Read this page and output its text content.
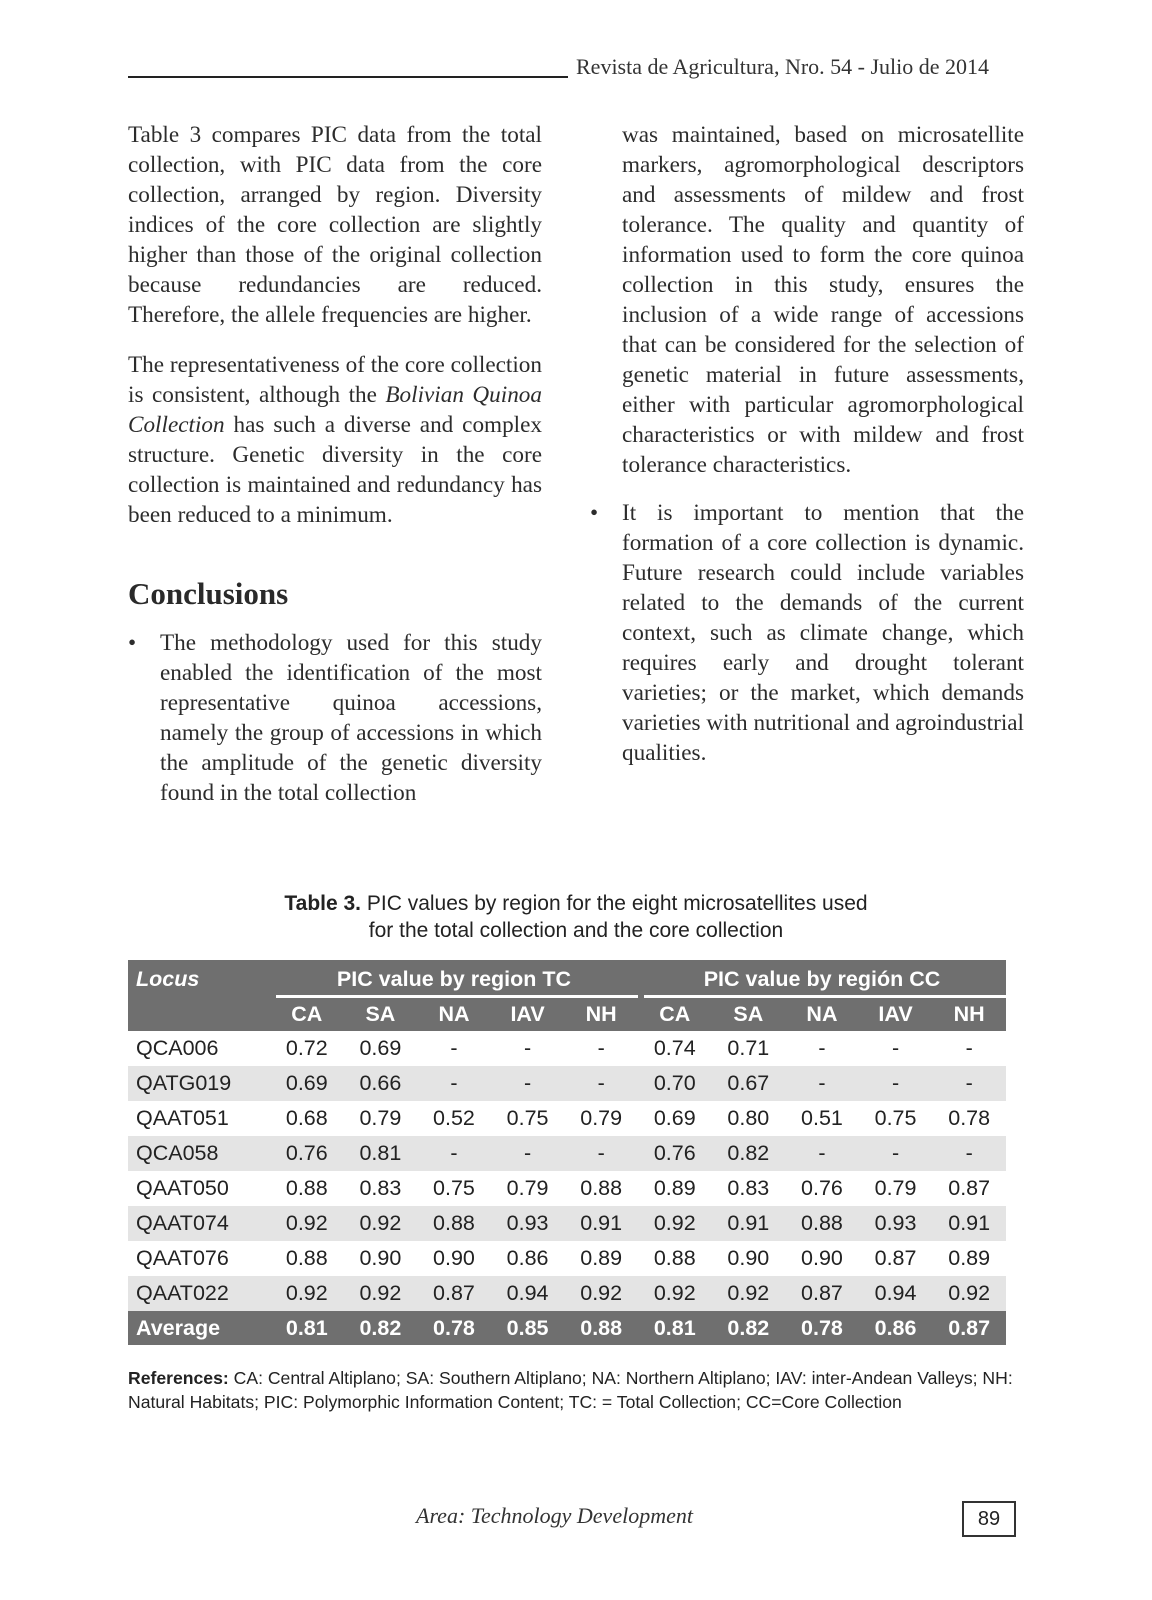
Revista de Agricultura, Nro. 54 - Julio de 2014

Table 3 compares PIC data from the total collection, with PIC data from the core collection, arranged by region. Diversity indices of the core collection are slightly higher than those of the original collection because redundancies are reduced. Therefore, the allele frequencies are higher.

The representativeness of the core collection is consistent, although the Bolivian Quinoa Collection has such a diverse and complex structure. Genetic diversity in the core collection is maintained and redundancy has been reduced to a minimum.

Conclusions
• The methodology used for this study enabled the identification of the most representative quinoa accessions, namely the group of accessions in which the amplitude of the genetic diversity found in the total collection
was maintained, based on microsatellite markers, agromorphological descriptors and assessments of mildew and frost tolerance. The quality and quantity of information used to form the core quinoa collection in this study, ensures the inclusion of a wide range of accessions that can be considered for the selection of genetic material in future assessments, either with particular agromorphological characteristics or with mildew and frost tolerance characteristics.
• It is important to mention that the formation of a core collection is dynamic. Future research could include variables related to the demands of the current context, such as climate change, which requires early and drought tolerant varieties; or the market, which demands varieties with nutritional and agroindustrial qualities.
Table 3. PIC values by region for the eight microsatellites used
for the total collection and the core collection
Locus	PIC value by region TC					PIC value by región CC				

	CA	SA	NA	IAV	NH	CA	SA	NA	IAV	NH
QCA006	0.72	0.69	-	-	-	0.74	0.71	-	-	-
QATG019	0.69	0.66	-	-	-	0.70	0.67	-	-	-
QAAT051	0.68	0.79	0.52	0.75	0.79	0.69	0.80	0.51	0.75	0.78
QCA058	0.76	0.81	-	-	-	0.76	0.82	-	-	-
QAAT050	0.88	0.83	0.75	0.79	0.88	0.89	0.83	0.76	0.79	0.87
QAAT074	0.92	0.92	0.88	0.93	0.91	0.92	0.91	0.88	0.93	0.91
QAAT076	0.88	0.90	0.90	0.86	0.89	0.88	0.90	0.90	0.87	0.89
QAAT022	0.92	0.92	0.87	0.94	0.92	0.92	0.92	0.87	0.94	0.92
Average	0.81	0.82	0.78	0.85	0.88	0.81	0.82	0.78	0.86	0.87
References: CA: Central Altiplano; SA: Southern Altiplano; NA: Northern Altiplano; IAV: inter-Andean Valleys; NH: Natural Habitats; PIC: Polymorphic Information Content; TC: = Total Collection; CC=Core Collection
Area: Technology Development	89
